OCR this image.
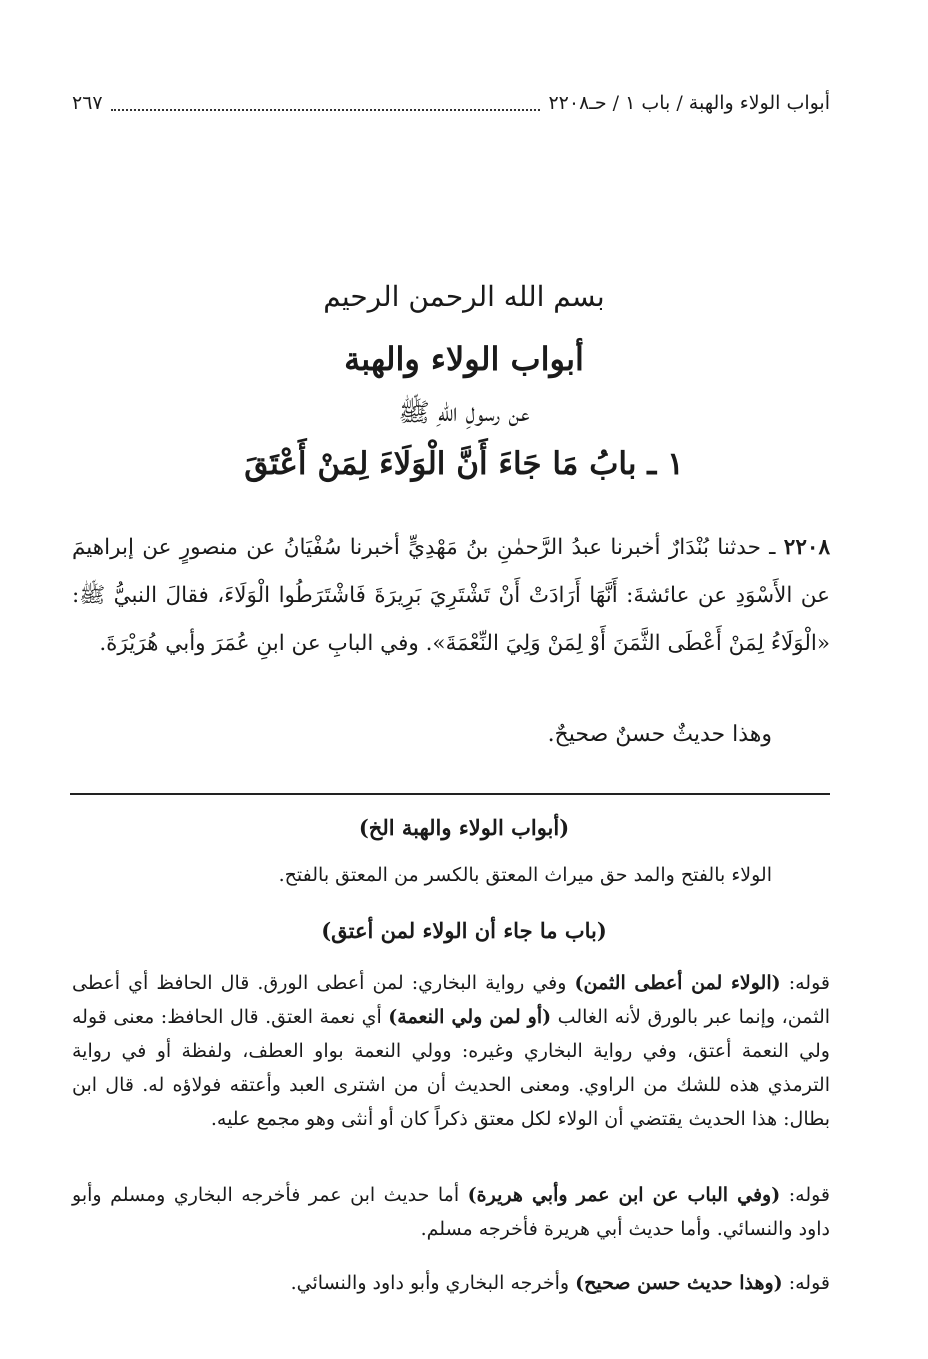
أبواب الولاء والهبة / باب ١ / حـ٢٢٠٨
٢٦٧
بسم الله الرحمن الرحيم
أبواب الولاء والهبة
عن رسولِ اللهِ ﷺ
١ ـ بابُ مَا جَاءَ أَنَّ الْوَلَاءَ لِمَنْ أَعْتَقَ
٢٢٠٨ ـ حدثنا بُنْدَارٌ أخبرنا عبدُ الرَّحمٰنِ بنُ مَهْدِيٍّ أخبرنا سُفْيَانُ عن منصورٍ عن إبراهيمَ عن الأَسْوَدِ عن عائشةَ: أَنَّهَا أَرَادَتْ أَنْ تَشْتَرِيَ بَرِيرَةَ فَاشْتَرَطُوا الْوَلَاءَ، فقالَ النبيُّ ﷺ: «الْوَلَاءُ لِمَنْ أَعْطَى الثَّمَنَ أَوْ لِمَنْ وَلِيَ النِّعْمَةَ». وفي البابِ عن ابنِ عُمَرَ وأبي هُرَيْرَةَ.
وهذا حديثٌ حسنٌ صحيحٌ.
(أبواب الولاء والهبة الخ)
الولاء بالفتح والمد حق ميراث المعتق بالكسر من المعتق بالفتح.
(باب ما جاء أن الولاء لمن أعتق)
قوله: (الولاء لمن أعطى الثمن) وفي رواية البخاري: لمن أعطى الورق. قال الحافظ أي أعطى الثمن، وإنما عبر بالورق لأنه الغالب (أو لمن ولي النعمة) أي نعمة العتق. قال الحافظ: معنى قوله ولي النعمة أعتق، وفي رواية البخاري وغيره: وولي النعمة بواو العطف، ولفظة أو في رواية الترمذي هذه للشك من الراوي. ومعنى الحديث أن من اشترى العبد وأعتقه فولاؤه له. قال ابن بطال: هذا الحديث يقتضي أن الولاء لكل معتق ذكراً كان أو أنثى وهو مجمع عليه.
قوله: (وفي الباب عن ابن عمر وأبي هريرة) أما حديث ابن عمر فأخرجه البخاري ومسلم وأبو داود والنسائي. وأما حديث أبي هريرة فأخرجه مسلم.
قوله: (وهذا حديث حسن صحيح) وأخرجه البخاري وأبو داود والنسائي.
